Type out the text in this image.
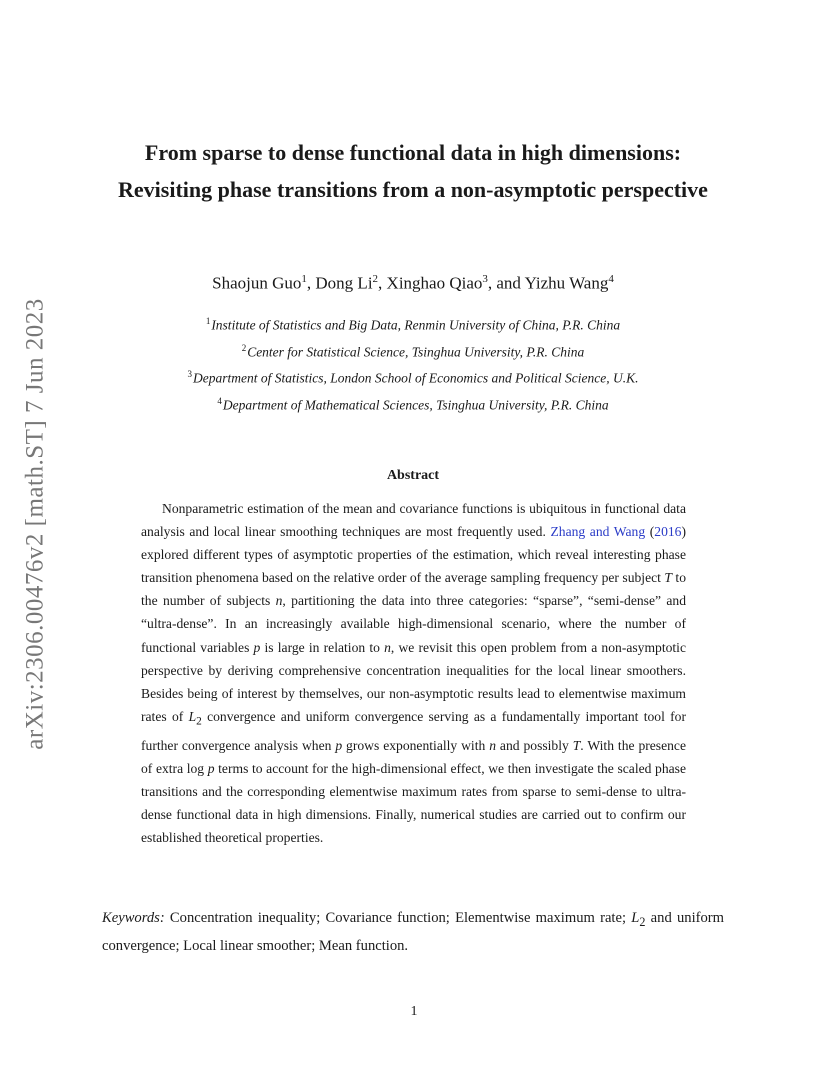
arXiv:2306.00476v2 [math.ST] 7 Jun 2023
From sparse to dense functional data in high dimensions: Revisiting phase transitions from a non-asymptotic perspective
Shaojun Guo$^1$, Dong Li$^2$, Xinghao Qiao$^3$, and Yizhu Wang$^4$
$^1$Institute of Statistics and Big Data, Renmin University of China, P.R. China
$^2$Center for Statistical Science, Tsinghua University, P.R. China
$^3$Department of Statistics, London School of Economics and Political Science, U.K.
$^4$Department of Mathematical Sciences, Tsinghua University, P.R. China
Abstract
Nonparametric estimation of the mean and covariance functions is ubiquitous in functional data analysis and local linear smoothing techniques are most frequently used. Zhang and Wang (2016) explored different types of asymptotic properties of the estimation, which reveal interesting phase transition phenomena based on the relative order of the average sampling frequency per subject T to the number of subjects n, partitioning the data into three categories: “sparse”, “semi-dense” and “ultra-dense”. In an increasingly available high-dimensional scenario, where the number of functional variables p is large in relation to n, we revisit this open problem from a non-asymptotic perspective by deriving comprehensive concentration inequalities for the local linear smoothers. Besides being of interest by themselves, our non-asymptotic results lead to elementwise maximum rates of $L_2$ convergence and uniform convergence serving as a fundamentally important tool for further convergence analysis when p grows exponentially with n and possibly T. With the presence of extra log p terms to account for the high-dimensional effect, we then investigate the scaled phase transitions and the corresponding elementwise maximum rates from sparse to semi-dense to ultra-dense functional data in high dimensions. Finally, numerical studies are carried out to confirm our established theoretical properties.
Keywords: Concentration inequality; Covariance function; Elementwise maximum rate; $L_2$ and uniform convergence; Local linear smoother; Mean function.
1
